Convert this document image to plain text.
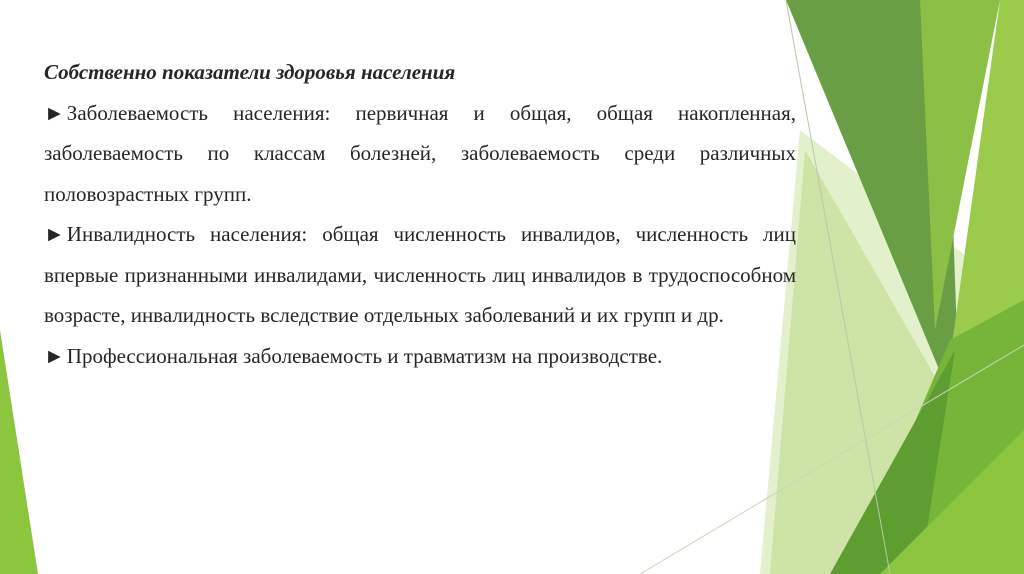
Собственно показатели здоровья населения

►Заболеваемость населения: первичная и общая, общая накопленная, заболеваемость по классам болезней, заболеваемость среди различных половозрастных групп.

►Инвалидность населения: общая численность инвалидов, численность лиц впервые признанными инвалидами, численность лиц инвалидов в трудоспособном возрасте, инвалидность вследствие отдельных заболеваний и их групп и др.

►Профессиональная заболеваемость и травматизм на производстве.
